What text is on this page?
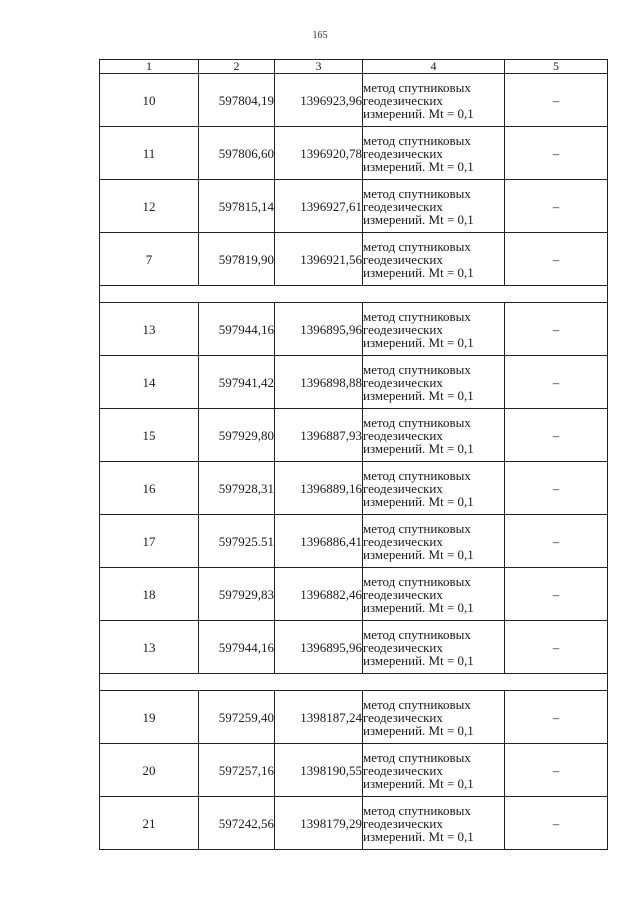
165
1	2	3	4	5
10	597804,19	1396923,96	метод спутниковых
геодезических
измерений. Mt = 0,1	–
11	597806,60	1396920,78	метод спутниковых
геодезических
измерений. Mt = 0,1	–
12	597815,14	1396927,61	метод спутниковых
геодезических
измерений. Mt = 0,1	–
7	597819,90	1396921,56	метод спутниковых
геодезических
измерений. Mt = 0,1	–

13	597944,16	1396895,96	метод спутниковых
геодезических
измерений. Mt = 0,1	–
14	597941,42	1396898,88	метод спутниковых
геодезических
измерений. Mt = 0,1	–
15	597929,80	1396887,93	метод спутниковых
геодезических
измерений. Mt = 0,1	–
16	597928,31	1396889,16	метод спутниковых
геодезических
измерений. Mt = 0,1	–
17	597925.51	1396886,41	метод спутниковых
геодезических
измерений. Mt = 0,1	–
18	597929,83	1396882,46	метод спутниковых
геодезических
измерений. Mt = 0,1	–
13	597944,16	1396895,96	метод спутниковых
геодезических
измерений. Mt = 0,1	–

19	597259,40	1398187,24	метод спутниковых
геодезических
измерений. Mt = 0,1	–
20	597257,16	1398190,55	метод спутниковых
геодезических
измерений. Mt = 0,1	–
21	597242,56	1398179,29	метод спутниковых
геодезических
измерений. Mt = 0,1	–
